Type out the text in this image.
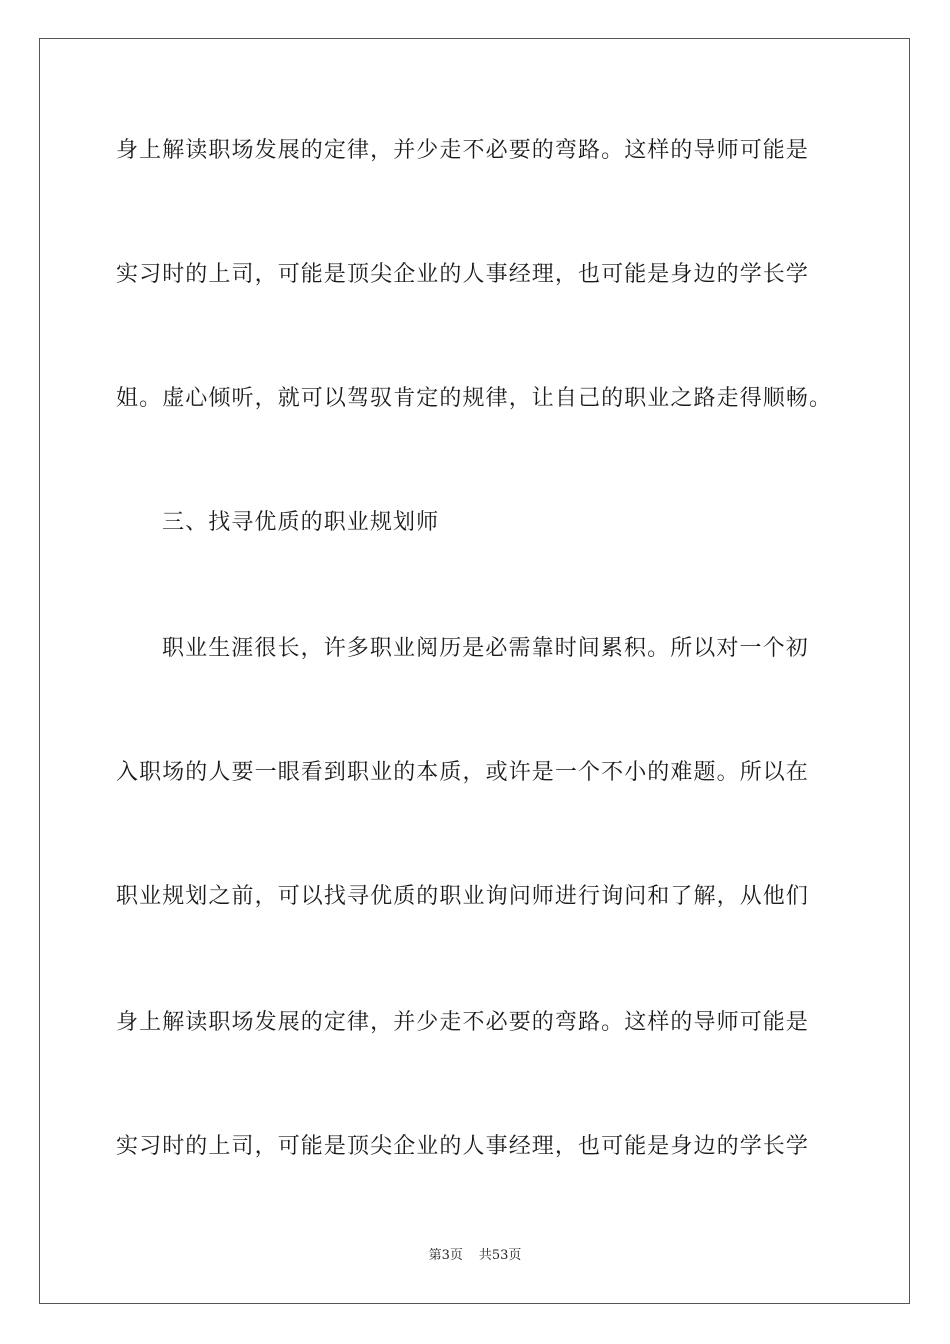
身上解读职场发展的定律，并少走不必要的弯路。这样的导师可能是
实习时的上司，可能是顶尖企业的人事经理，也可能是身边的学长学
姐。虚心倾听，就可以驾驭肯定的规律，让自己的职业之路走得顺畅。
三、找寻优质的职业规划师
职业生涯很长，许多职业阅历是必需靠时间累积。所以对一个初
入职场的人要一眼看到职业的本质，或许是一个不小的难题。所以在
职业规划之前，可以找寻优质的职业询问师进行询问和了解，从他们
身上解读职场发展的定律，并少走不必要的弯路。这样的导师可能是
实习时的上司，可能是顶尖企业的人事经理，也可能是身边的学长学
第3页 共53页
